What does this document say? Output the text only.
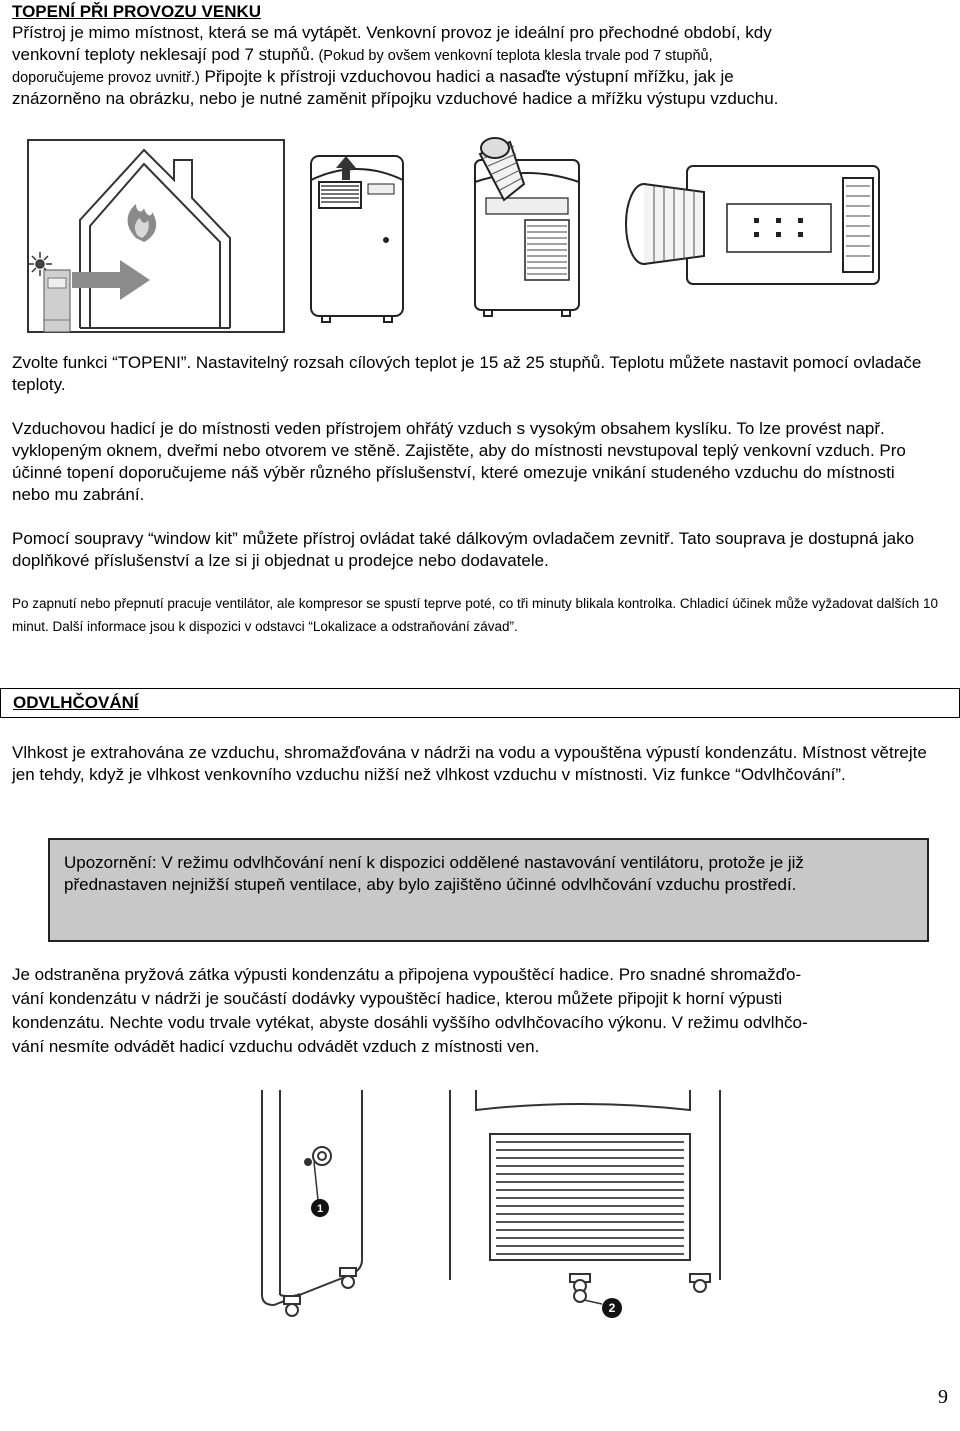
TOPENÍ PŘI PROVOZU VENKU
Přístroj je mimo místnost, která se má vytápět. Venkovní provoz je ideální pro přechodné období, kdy
venkovní teploty neklesají pod 7 stupňů. (Pokud by ovšem venkovní teplota klesla trvale pod 7 stupňů,
doporučujeme provoz uvnitř.) Připojte k přístroji vzduchovou hadici a nasaďte výstupní mřížku, jak je
znázorněno na obrázku, nebo je nutné zaměnit přípojku vzduchové hadice a mřížku výstupu vzduchu.
Zvolte funkci “TOPENI”. Nastavitelný rozsah cílových teplot je 15 až 25 stupňů. Teplotu můžete nastavit pomocí ovladače teploty.
Vzduchovou hadicí je do místnosti veden přístrojem ohřátý vzduch s vysokým obsahem kyslíku. To lze provést např. vyklopeným oknem, dveřmi nebo otvorem ve stěně. Zajistěte, aby do místnosti nevstupoval teplý venkovní vzduch. Pro účinné topení doporučujeme náš výběr různého příslušenství, které omezuje vnikání studeného vzduchu do místnosti nebo mu zabrání.
Pomocí soupravy “window kit” můžete přístroj ovládat také dálkovým ovladačem zevnitř. Tato souprava je dostupná jako doplňkové příslušenství a lze si ji objednat u prodejce nebo dodavatele.
Po zapnutí nebo přepnutí pracuje ventilátor, ale kompresor se spustí teprve poté, co tři minuty blikala kontrolka. Chladicí účinek může vyžadovat dalších 10 minut. Další informace jsou k dispozici v odstavci “Lokalizace a odstraňování závad”.
ODVLHČOVÁNÍ
Vlhkost je extrahována ze vzduchu, shromažďována v nádrži na vodu a vypouštěna výpustí kondenzátu. Místnost větrejte jen tehdy, když je vlhkost venkovního vzduchu nižší než vlhkost vzduchu v místnosti. Viz funkce “Odvlhčování”.
Upozornění: V režimu odvlhčování není k dispozici oddělené nastavování ventilátoru, protože je již přednastaven nejnižší stupeň ventilace, aby bylo zajištěno účinné odvlhčování vzduchu prostředí.
Je odstraněna pryžová zátka výpusti kondenzátu a připojena vypouštěcí hadice. Pro snadné shromažďo-
vání kondenzátu v nádrži je součástí dodávky vypouštěcí hadice, kterou můžete připojit k horní výpusti
kondenzátu. Nechte vodu trvale vytékat, abyste dosáhli vyššího odvlhčovacího výkonu. V režimu odvlhčo-
vání nesmíte odvádět hadicí vzduchu odvádět vzduch z místnosti ven.
1
2
9
